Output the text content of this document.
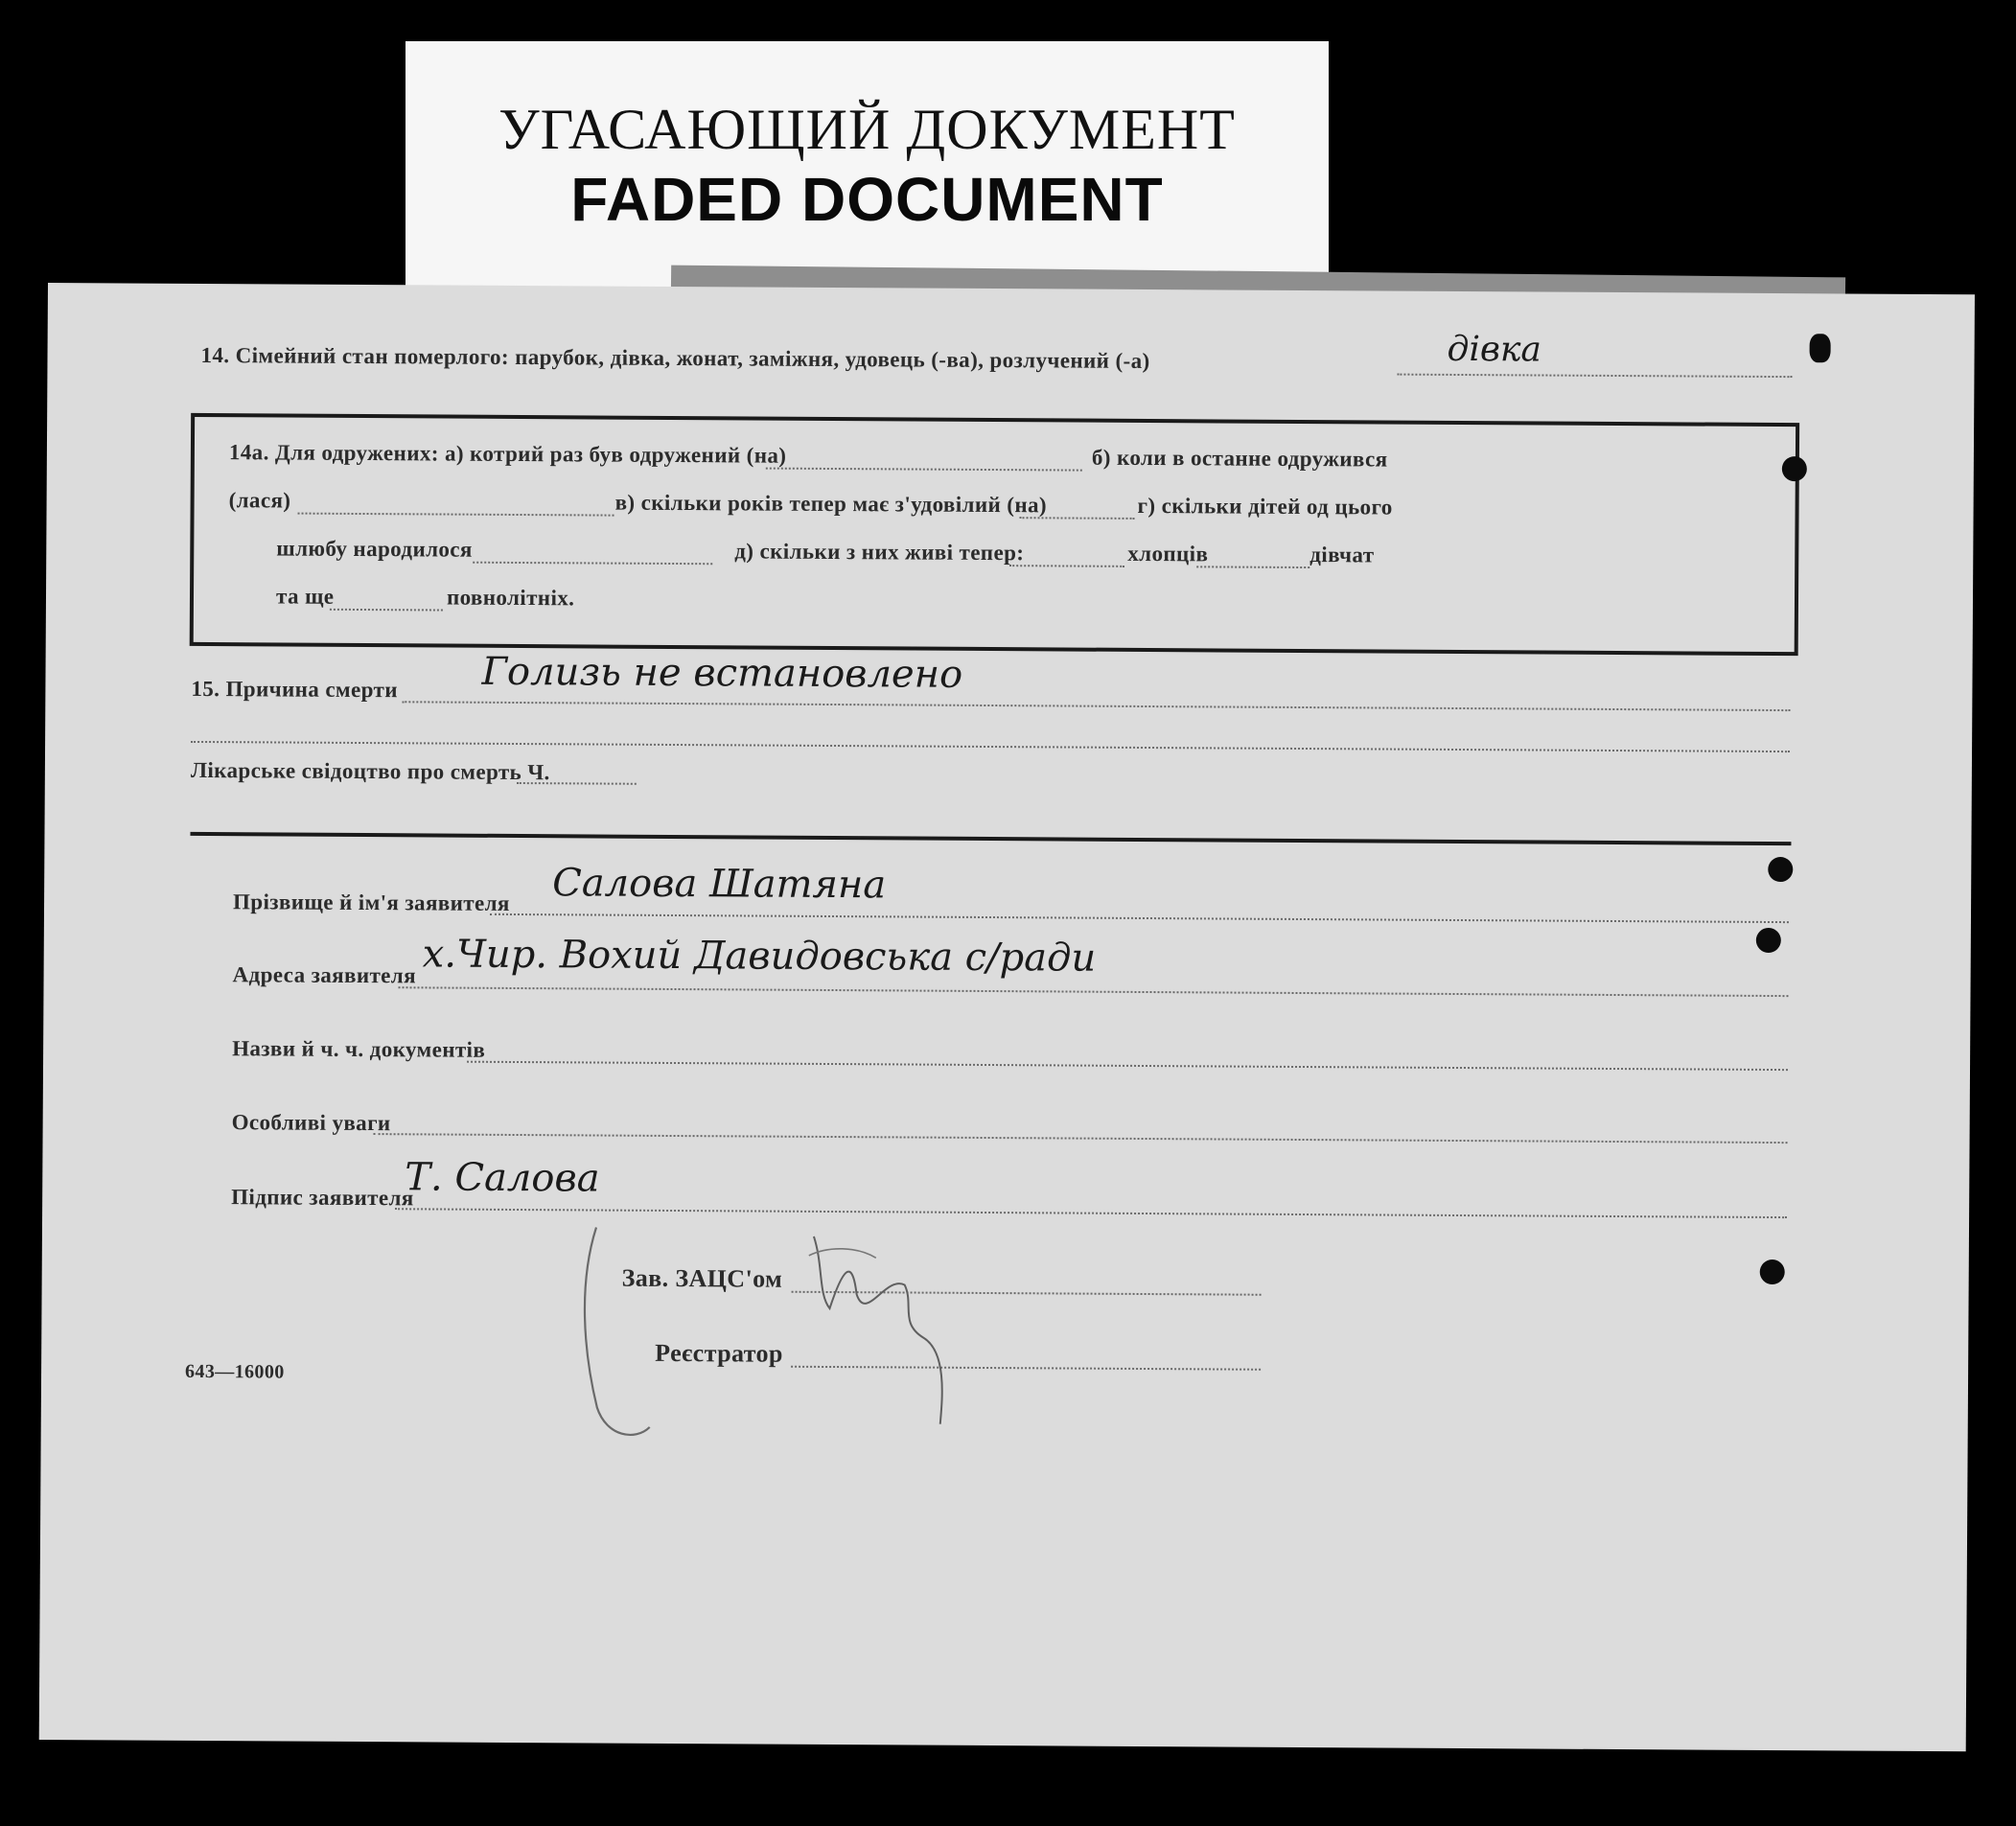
УГАСАЮЩИЙ ДОКУМЕНТ
FADED DOCUMENT
14. Сімейний стан померлого: парубок, дівка, жонат, заміжня, удовець (-ва), розлучений (-а)	дівка
14а. Для одружених: а) котрий раз був одружений (на)	б) коли в останне одружився
(лася)	в) скільки років тепер має з'удовілий (на)	г) скільки дітей од цього
шлюбу народилося	д) скільки з них живі тепер:	хлопців	дівчат
та ще	повнолітніх.
15. Причина смерти Голизь не встановлено
Лікарське свідоцтво про смерть Ч.
Прізвище й ім'я заявителя Салова Шатяна
Адреса заявителя х.Чир. Вохий Давидовська с/ради
Назви й ч. ч. документів
Особливі уваги
Підпис заявителя
Т. Салова
Зав. ЗАЦС'ом
Реєстратор
643—16000
